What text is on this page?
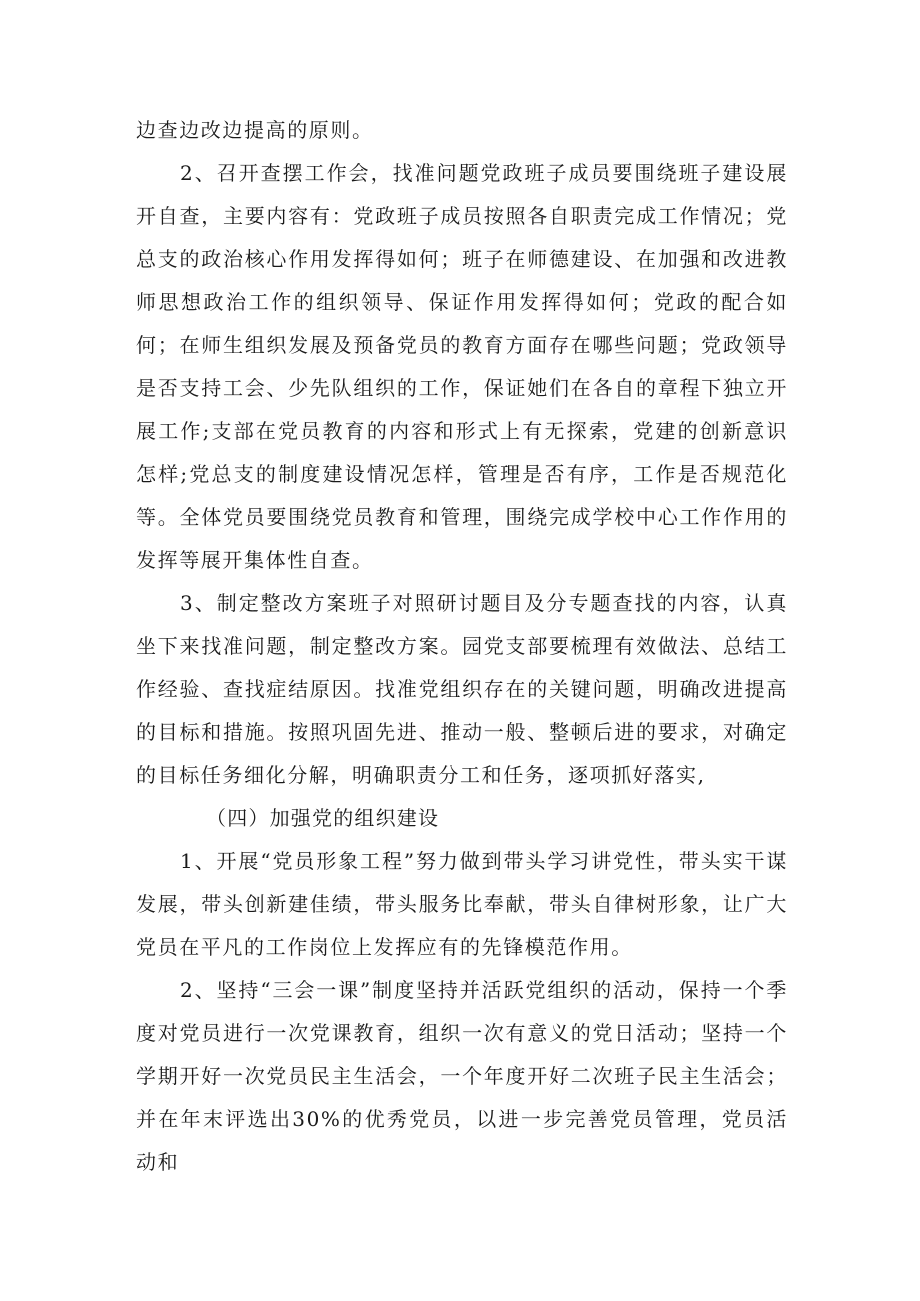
边查边改边提高的原则。

2、召开查摆工作会，找准问题党政班子成员要围绕班子建设展开自查，主要内容有：党政班子成员按照各自职责完成工作情况；党总支的政治核心作用发挥得如何；班子在师德建设、在加强和改进教师思想政治工作的组织领导、保证作用发挥得如何；党政的配合如何；在师生组织发展及预备党员的教育方面存在哪些问题；党政领导是否支持工会、少先队组织的工作，保证她们在各自的章程下独立开展工作;支部在党员教育的内容和形式上有无探索，党建的创新意识怎样;党总支的制度建设情况怎样，管理是否有序，工作是否规范化等。全体党员要围绕党员教育和管理，围绕完成学校中心工作作用的发挥等展开集体性自查。

3、制定整改方案班子对照研讨题目及分专题查找的内容，认真坐下来找准问题，制定整改方案。园党支部要梳理有效做法、总结工作经验、查找症结原因。找准党组织存在的关键问题，明确改进提高的目标和措施。按照巩固先进、推动一般、整顿后进的要求，对确定的目标任务细化分解，明确职责分工和任务，逐项抓好落实,

（四）加强党的组织建设

1、开展“党员形象工程”努力做到带头学习讲党性，带头实干谋发展，带头创新建佳绩，带头服务比奉献，带头自律树形象，让广大党员在平凡的工作岗位上发挥应有的先锋模范作用。

2、坚持“三会一课”制度坚持并活跃党组织的活动，保持一个季度对党员进行一次党课教育，组织一次有意义的党日活动；坚持一个学期开好一次党员民主生活会，一个年度开好二次班子民主生活会；并在年末评选出30%的优秀党员，以进一步完善党员管理，党员活动和
